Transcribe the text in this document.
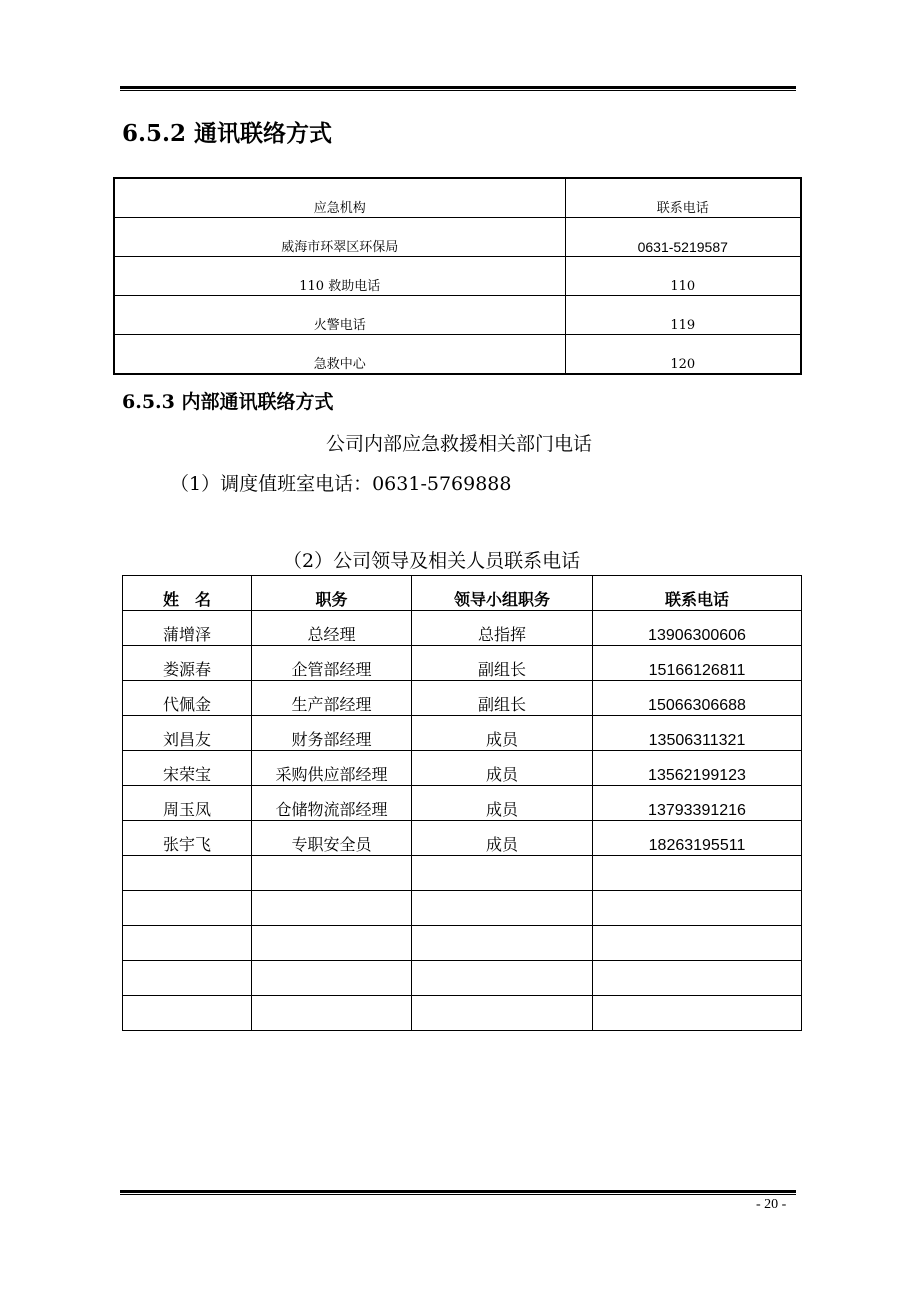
6.5.2 通讯联络方式
应急机构	联系电话
威海市环翠区环保局	0631-5219587
110 救助电话	110
火警电话	119
急救中心	120
6.5.3 内部通讯联络方式
公司内部应急救援相关部门电话
（1）调度值班室电话：0631-5769888
（2）公司领导及相关人员联系电话
姓　名	职务	领导小组职务	联系电话
蒲增泽	总经理	总指挥	13906300606
娄源春	企管部经理	副组长	15166126811
代佩金	生产部经理	副组长	15066306688
刘昌友	财务部经理	成员	13506311321
宋荣宝	采购供应部经理	成员	13562199123
周玉凤	仓储物流部经理	成员	13793391216
张宇飞	专职安全员	成员	18263195511

- 20 -
